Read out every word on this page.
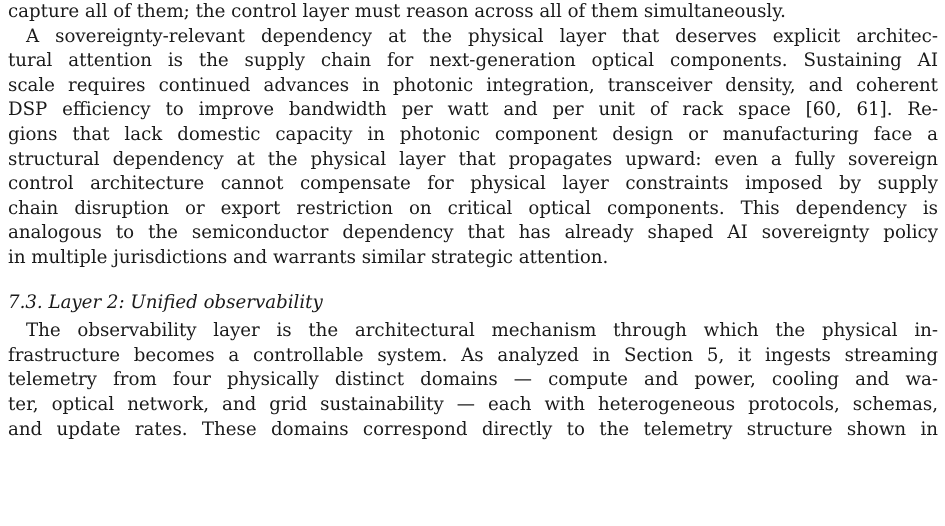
capture all of them; the control layer must reason across all of them simultaneously.
A sovereignty-relevant dependency at the physical layer that deserves explicit architec-
tural attention is the supply chain for next-generation optical components. Sustaining AI
scale requires continued advances in photonic integration, transceiver density, and coherent
DSP efficiency to improve bandwidth per watt and per unit of rack space [60, 61]. Re-
gions that lack domestic capacity in photonic component design or manufacturing face a
structural dependency at the physical layer that propagates upward: even a fully sovereign
control architecture cannot compensate for physical layer constraints imposed by supply
chain disruption or export restriction on critical optical components. This dependency is
analogous to the semiconductor dependency that has already shaped AI sovereignty policy
in multiple jurisdictions and warrants similar strategic attention.
7.3. Layer 2: Unified observability
The observability layer is the architectural mechanism through which the physical in-
frastructure becomes a controllable system. As analyzed in Section 5, it ingests streaming
telemetry from four physically distinct domains — compute and power, cooling and wa-
ter, optical network, and grid sustainability — each with heterogeneous protocols, schemas,
and update rates. These domains correspond directly to the telemetry structure shown in
